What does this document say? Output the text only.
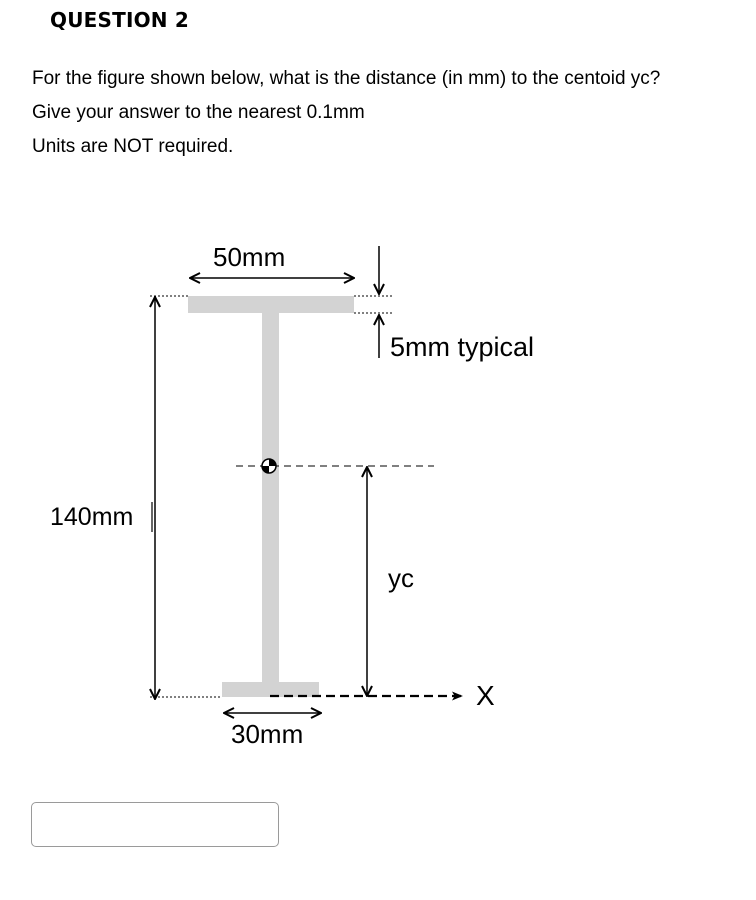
QUESTION 2
For the figure shown below, what is the distance (in mm) to the centoid yc?
Give your answer to the nearest 0.1mm
Units are NOT required.
140mm
50mm
5mm typical
yc
X
30mm
